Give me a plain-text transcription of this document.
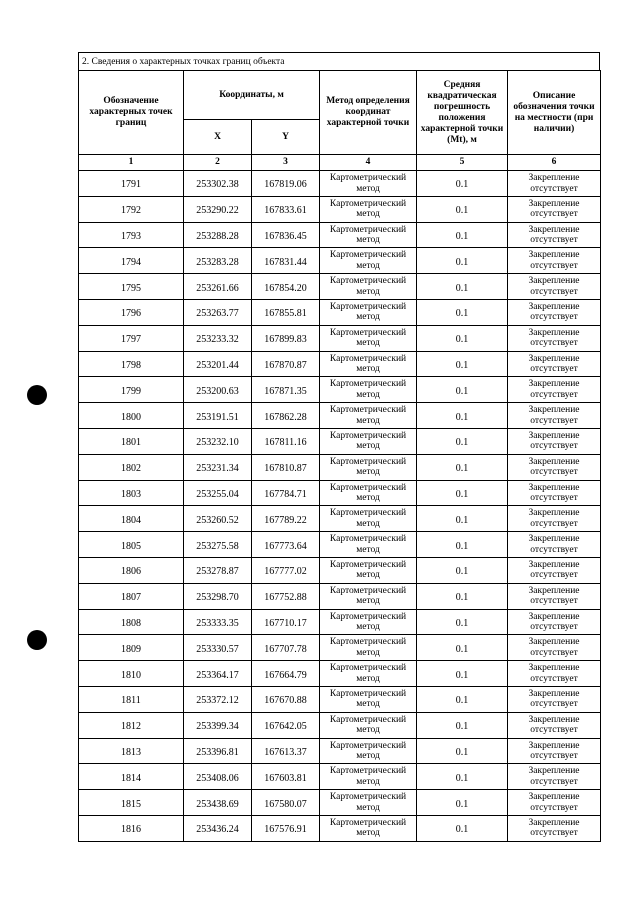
2. Сведения о характерных точках границ объекта
Обозначение характерных точек границ	Координаты, м		Метод определения координат характерной точки	Средняя квадратическая погрешность положения характерной точки (Mt), м	Описание обозначения точки на местности (при наличии)
	X	Y			
1	2	3	4	5	6
1791	253302.38	167819.06	Картометрический метод	0.1	Закрепление отсутствует
1792	253290.22	167833.61	Картометрический метод	0.1	Закрепление отсутствует
1793	253288.28	167836.45	Картометрический метод	0.1	Закрепление отсутствует
1794	253283.28	167831.44	Картометрический метод	0.1	Закрепление отсутствует
1795	253261.66	167854.20	Картометрический метод	0.1	Закрепление отсутствует
1796	253263.77	167855.81	Картометрический метод	0.1	Закрепление отсутствует
1797	253233.32	167899.83	Картометрический метод	0.1	Закрепление отсутствует
1798	253201.44	167870.87	Картометрический метод	0.1	Закрепление отсутствует
1799	253200.63	167871.35	Картометрический метод	0.1	Закрепление отсутствует
1800	253191.51	167862.28	Картометрический метод	0.1	Закрепление отсутствует
1801	253232.10	167811.16	Картометрический метод	0.1	Закрепление отсутствует
1802	253231.34	167810.87	Картометрический метод	0.1	Закрепление отсутствует
1803	253255.04	167784.71	Картометрический метод	0.1	Закрепление отсутствует
1804	253260.52	167789.22	Картометрический метод	0.1	Закрепление отсутствует
1805	253275.58	167773.64	Картометрический метод	0.1	Закрепление отсутствует
1806	253278.87	167777.02	Картометрический метод	0.1	Закрепление отсутствует
1807	253298.70	167752.88	Картометрический метод	0.1	Закрепление отсутствует
1808	253333.35	167710.17	Картометрический метод	0.1	Закрепление отсутствует
1809	253330.57	167707.78	Картометрический метод	0.1	Закрепление отсутствует
1810	253364.17	167664.79	Картометрический метод	0.1	Закрепление отсутствует
1811	253372.12	167670.88	Картометрический метод	0.1	Закрепление отсутствует
1812	253399.34	167642.05	Картометрический метод	0.1	Закрепление отсутствует
1813	253396.81	167613.37	Картометрический метод	0.1	Закрепление отсутствует
1814	253408.06	167603.81	Картометрический метод	0.1	Закрепление отсутствует
1815	253438.69	167580.07	Картометрический метод	0.1	Закрепление отсутствует
1816	253436.24	167576.91	Картометрический метод	0.1	Закрепление отсутствует
